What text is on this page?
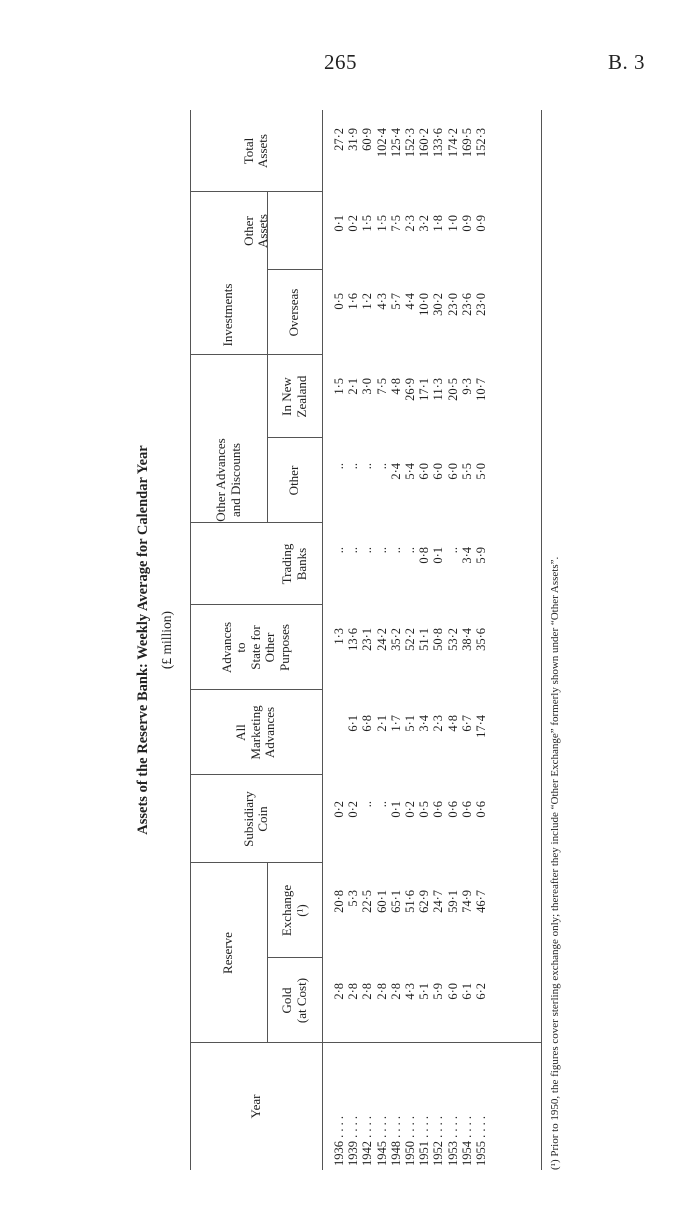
265	B. 3
Assets of the Reserve Bank: Weekly Average for Calendar Year (£ million)
Year
Reserve
Gold
(at Cost)
Exchange
(¹)
Subsidiary
Coin
All
Marketing
Advances
Advances
to
State for
Other
Purposes
Other Advances
and Discounts
Trading
Banks
Other
Investments
In New
Zealand
Overseas
Other
Assets
Total
Assets
1936 . . . .
1939 . . . .
1942 . . . .
1945 . . . .
1948 . . . .
1950 . . . .
1951 . . . .
1952 . . . .
1953 . . . .
1954 . . . .
1955 . . . .
2·8
2·8
2·8
2·8
2·8
4·3
5·1
5·9
6·0
6·1
6·2
20·8
5·3
22·5
60·1
65·1
51·6
62·9
24·7
59·1
74·9
46·7
0·2
0·2
..
..
0·1
0·2
0·5
0·6
0·6
0·6
0·6

6·1
6·8
2·1
1·7
5·1
3·4
2·3
4·8
6·7
17·4
1·3
13·6
23·1
24·2
35·2
52·2
51·1
50·8
53·2
38·4
35·6
..
..
..
..
..
..
0·8
0·1
..
3·4
5·9
..
..
..
..
2·4
5·4
6·0
6·0
6·0
5·5
5·0
1·5
2·1
3·0
7·5
4·8
26·9
17·1
11·3
20·5
9·3
10·7
0·5
1·6
1·2
4·3
5·7
4·4
10·0
30·2
23·0
23·6
23·0
0·1
0·2
1·5
1·5
7·5
2·3
3·2
1·8
1·0
0·9
0·9
27·2
31·9
60·9
102·4
125·4
152·3
160·2
133·6
174·2
169·5
152·3
(¹) Prior to 1950, the figures cover sterling exchange only; thereafter they include “Other Exchange” formerly shown under “Other Assets”.
